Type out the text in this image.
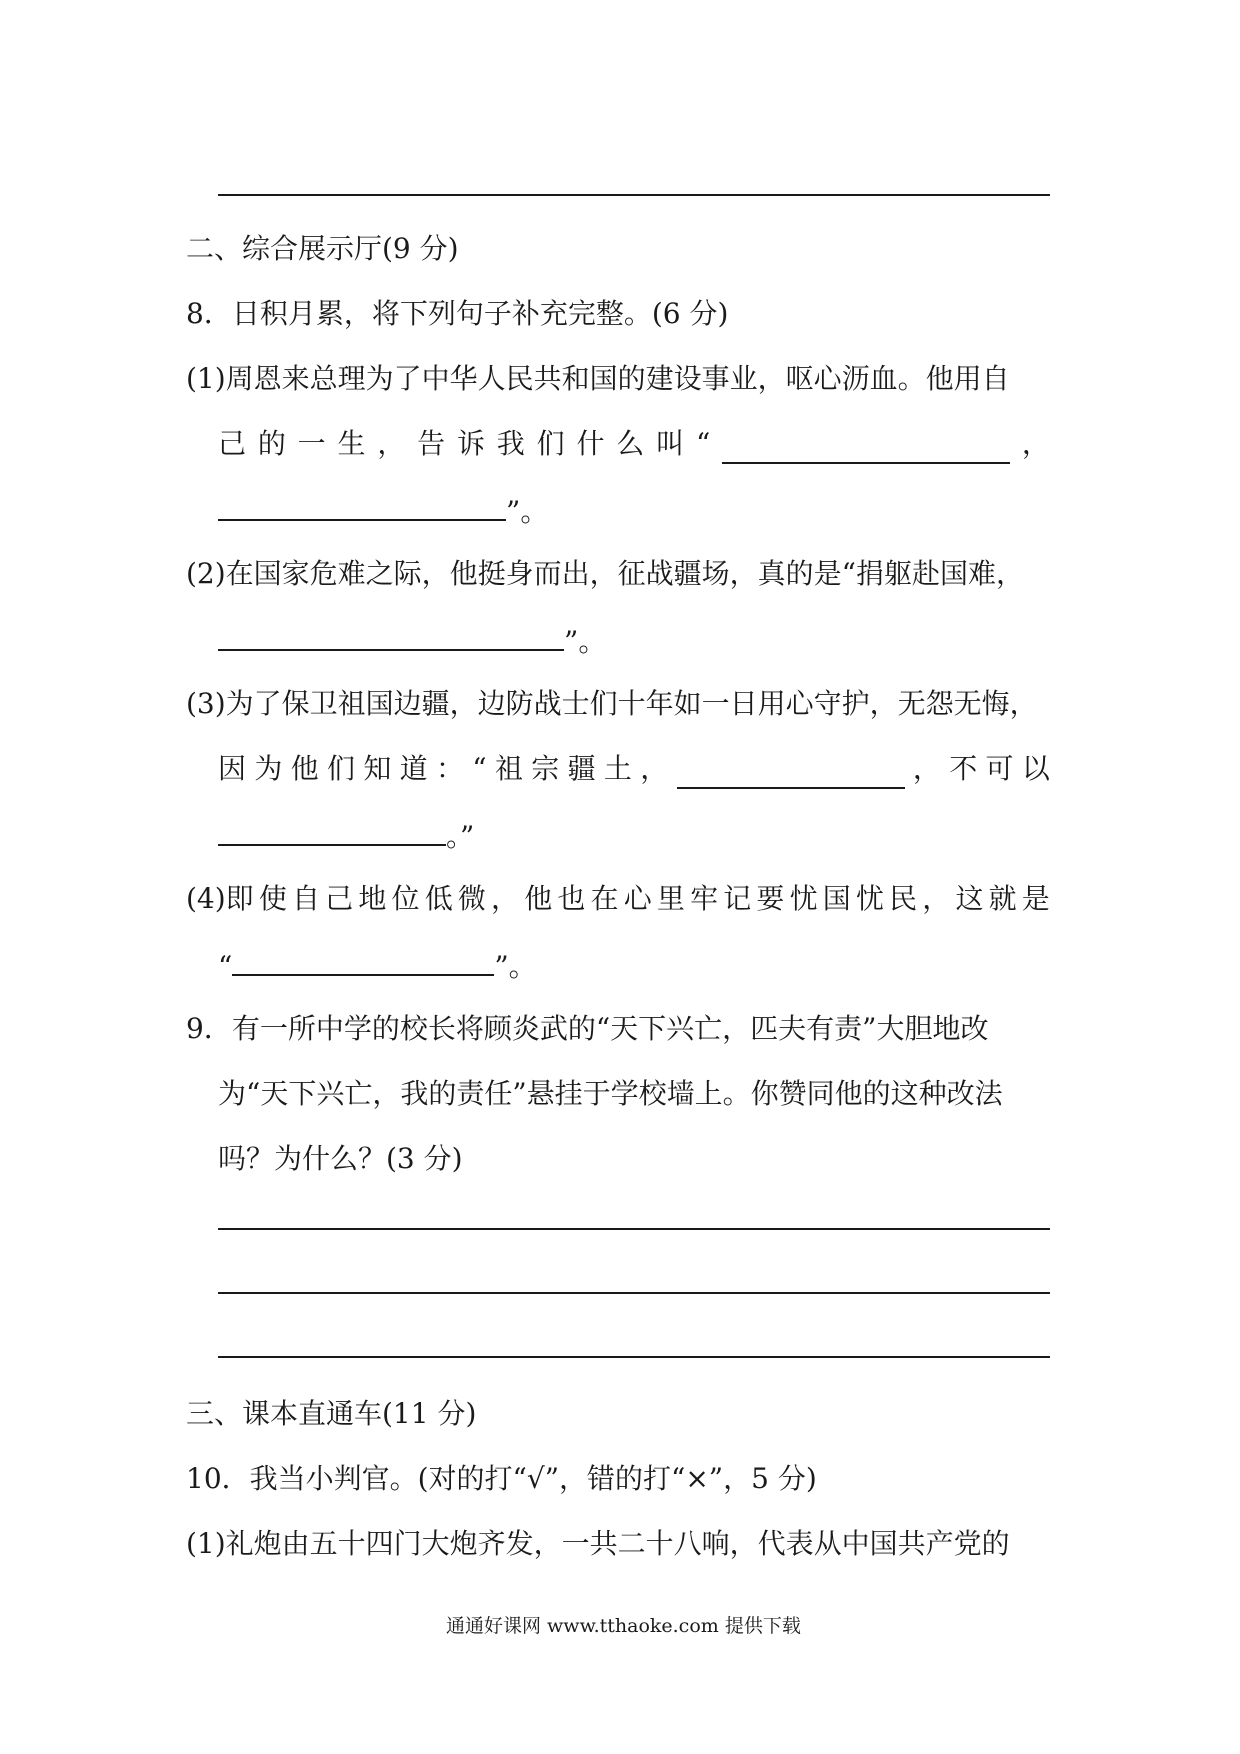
二、综合展示厅(9 分)
8．日积月累，将下列句子补充完整。(6 分)
(1)周恩来总理为了中华人民共和国的建设事业，呕心沥血。他用自
己 的 一 生 ， 告 诉 我 们 什 么 叫 “	，
”。
(2)在国家危难之际，他挺身而出，征战疆场，真的是“捐躯赴国难，
”。
(3)为了保卫祖国边疆，边防战士们十年如一日用心守护，无怨无悔，
因 为 他 们 知 道 ： “ 祖 宗 疆 土 ，	， 不 可 以
。”
(4)即 使 自 己 地 位 低 微 ， 他 也 在 心 里 牢 记 要 忧 国 忧 民 ， 这 就 是
“	”。
9．有一所中学的校长将顾炎武的“天下兴亡，匹夫有责”大胆地改
为“天下兴亡，我的责任”悬挂于学校墙上。你赞同他的这种改法
吗？为什么？(3 分)
三、课本直通车(11 分)
10．我当小判官。(对的打“√”，错的打“×”，5 分)
(1)礼炮由五十四门大炮齐发，一共二十八响，代表从中国共产党的
通通好课网 www.tthaoke.com 提供下载
